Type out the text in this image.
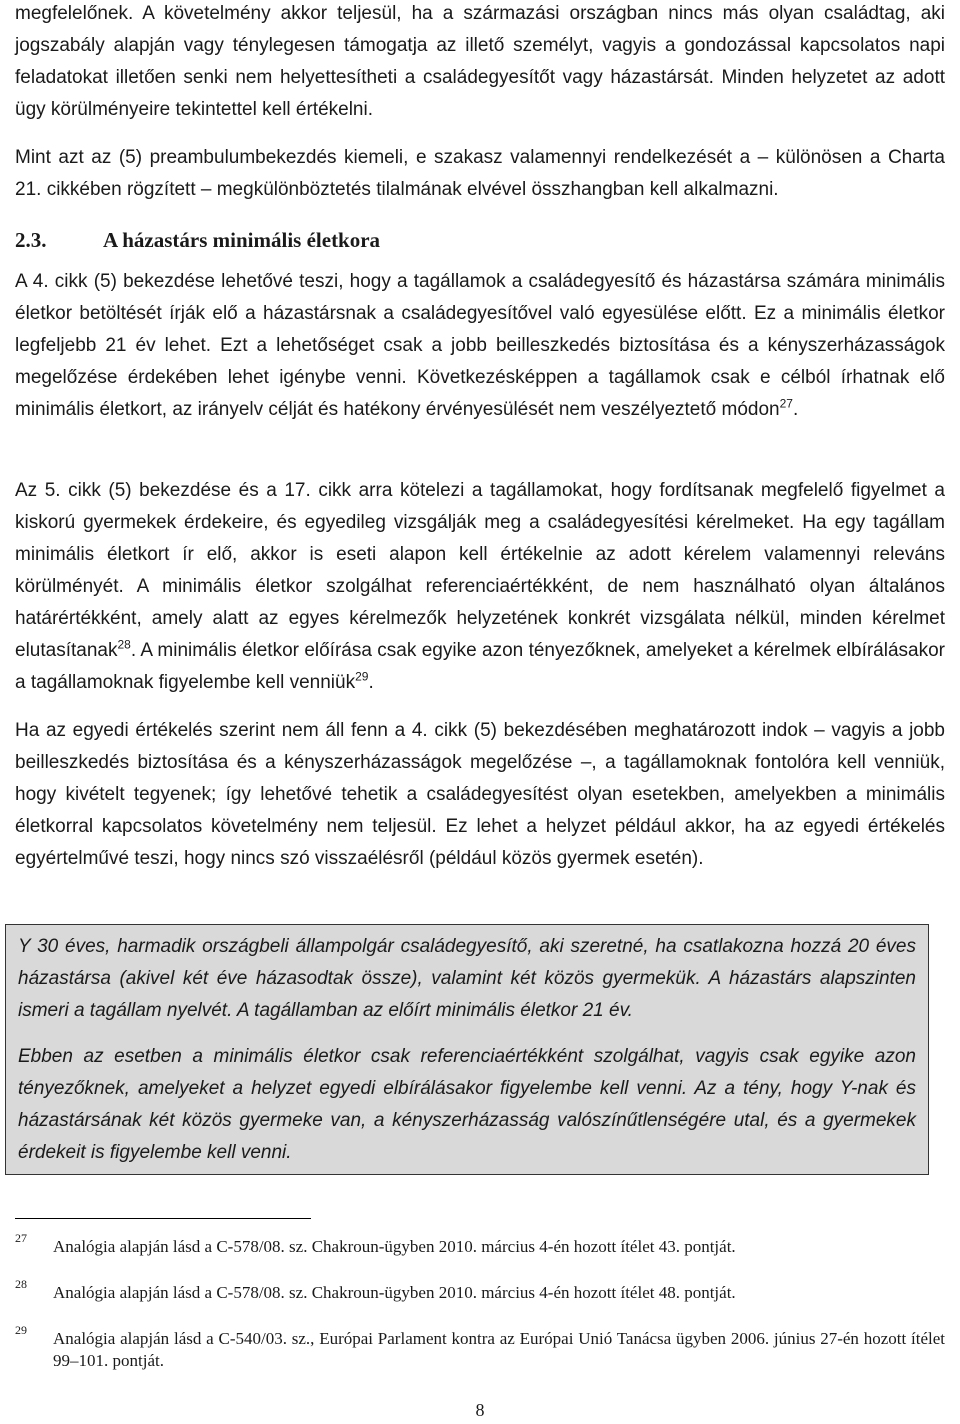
megfelelőnek. A követelmény akkor teljesül, ha a származási országban nincs más olyan családtag, aki jogszabály alapján vagy ténylegesen támogatja az illető személyt, vagyis a gondozással kapcsolatos napi feladatokat illetően senki nem helyettesítheti a családegyesítőt vagy házastársát. Minden helyzetet az adott ügy körülményeire tekintettel kell értékelni.

Mint azt az (5) preambulumbekezdés kiemeli, e szakasz valamennyi rendelkezését a – különösen a Charta 21. cikkében rögzített – megkülönböztetés tilalmának elvével összhangban kell alkalmazni.

2.3.	A házastárs minimális életkora

A 4. cikk (5) bekezdése lehetővé teszi, hogy a tagállamok a családegyesítő és házastársa számára minimális életkor betöltését írják elő a házastársnak a családegyesítővel való egyesülése előtt. Ez a minimális életkor legfeljebb 21 év lehet. Ezt a lehetőséget csak a jobb beilleszkedés biztosítása és a kényszerházasságok megelőzése érdekében lehet igénybe venni. Következésképpen a tagállamok csak e célból írhatnak elő minimális életkort, az irányelv célját és hatékony érvényesülését nem veszélyeztető módon$^{27}$.

Az 5. cikk (5) bekezdése és a 17. cikk arra kötelezi a tagállamokat, hogy fordítsanak megfelelő figyelmet a kiskorú gyermekek érdekeire, és egyedileg vizsgálják meg a családegyesítési kérelmeket. Ha egy tagállam minimális életkort ír elő, akkor is eseti alapon kell értékelnie az adott kérelem valamennyi releváns körülményét. A minimális életkor szolgálhat referenciaértékként, de nem használható olyan általános határértékként, amely alatt az egyes kérelmezők helyzetének konkrét vizsgálata nélkül, minden kérelmet elutasítanak$^{28}$. A minimális életkor előírása csak egyike azon tényezőknek, amelyeket a kérelmek elbírálásakor a tagállamoknak figyelembe kell venniük$^{29}$.

Ha az egyedi értékelés szerint nem áll fenn a 4. cikk (5) bekezdésében meghatározott indok – vagyis a jobb beilleszkedés biztosítása és a kényszerházasságok megelőzése –, a tagállamoknak fontolóra kell venniük, hogy kivételt tegyenek; így lehetővé tehetik a családegyesítést olyan esetekben, amelyekben a minimális életkorral kapcsolatos követelmény nem teljesül. Ez lehet a helyzet például akkor, ha az egyedi értékelés egyértelművé teszi, hogy nincs szó visszaélésről (például közös gyermek esetén).

Y 30 éves, harmadik országbeli állampolgár családegyesítő, aki szeretné, ha csatlakozna hozzá 20 éves házastársa (akivel két éve házasodtak össze), valamint két közös gyermekük. A házastárs alapszinten ismeri a tagállam nyelvét. A tagállamban az előírt minimális életkor 21 év.

Ebben az esetben a minimális életkor csak referenciaértékként szolgálhat, vagyis csak egyike azon tényezőknek, amelyeket a helyzet egyedi elbírálásakor figyelembe kell venni. Az a tény, hogy Y-nak és házastársának két közös gyermeke van, a kényszerházasság valószínűtlenségére utal, és a gyermekek érdekeit is figyelembe kell venni.

27 Analógia alapján lásd a C-578/08. sz. Chakroun-ügyben 2010. március 4-én hozott ítélet 43. pontját.
28 Analógia alapján lásd a C-578/08. sz. Chakroun-ügyben 2010. március 4-én hozott ítélet 48. pontját.
29 Analógia alapján lásd a C-540/03. sz., Európai Parlament kontra az Európai Unió Tanácsa ügyben 2006. június 27-én hozott ítélet 99–101. pontját.
8
